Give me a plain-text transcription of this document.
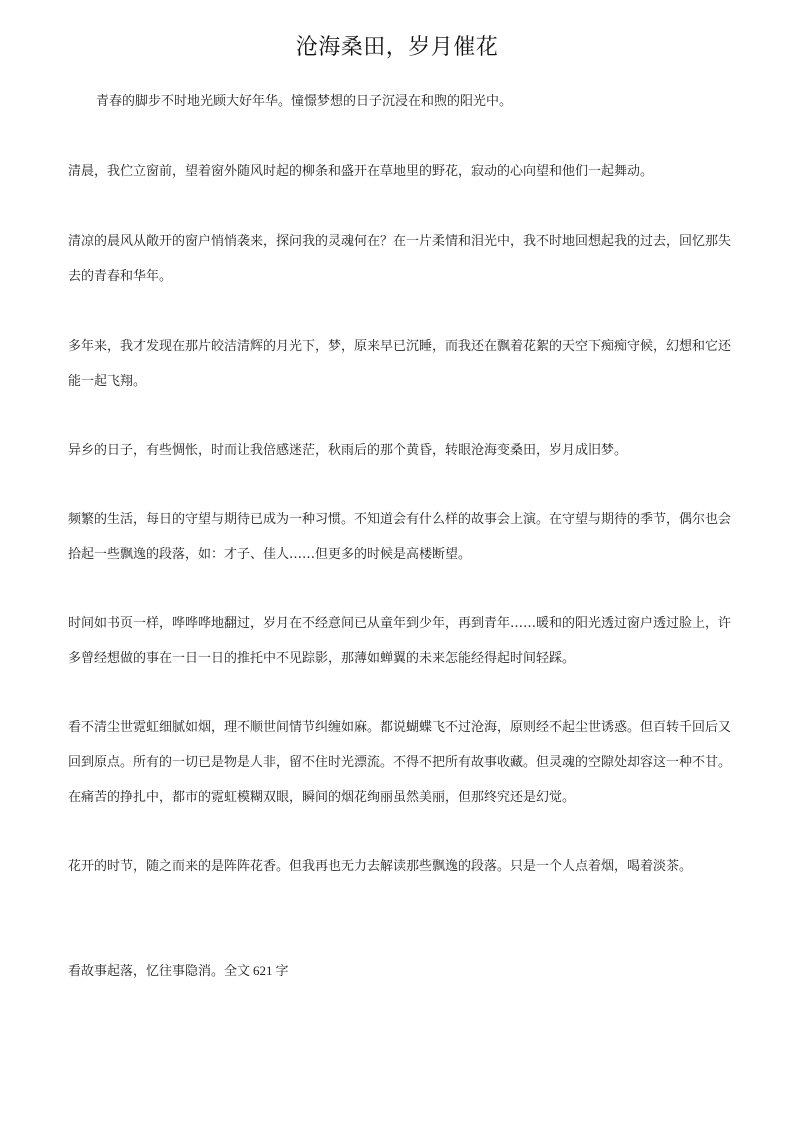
沧海桑田，岁月催花

青春的脚步不时地光顾大好年华。憧憬梦想的日子沉浸在和煦的阳光中。

清晨，我伫立窗前，望着窗外随风时起的柳条和盛开在草地里的野花，寂动的心向望和他们一起舞动。

清凉的晨风从敞开的窗户悄悄袭来，探问我的灵魂何在？在一片柔情和泪光中，我不时地回想起我的过去，回忆那失去的青春和华年。

多年来，我才发现在那片皎洁清辉的月光下，梦，原来早已沉睡，而我还在飘着花絮的天空下痴痴守候，幻想和它还能一起飞翔。

异乡的日子，有些惆怅，时而让我倍感迷茫，秋雨后的那个黄昏，转眼沧海变桑田，岁月成旧梦。

频繁的生活，每日的守望与期待已成为一种习惯。不知道会有什么样的故事会上演。在守望与期待的季节，偶尔也会拾起一些飘逸的段落，如：才子、佳人……但更多的时候是高楼断望。

时间如书页一样，哗哗哗地翻过，岁月在不经意间已从童年到少年，再到青年……暖和的阳光透过窗户透过脸上，许多曾经想做的事在一日一日的推托中不见踪影，那薄如蝉翼的未来怎能经得起时间轻踩。

看不清尘世霓虹细腻如烟，理不顺世间情节纠缠如麻。都说蝴蝶飞不过沧海，原则经不起尘世诱惑。但百转千回后又回到原点。所有的一切已是物是人非，留不住时光漂流。不得不把所有故事收藏。但灵魂的空隙处却容这一种不甘。在痛苦的挣扎中，都市的霓虹模糊双眼，瞬间的烟花绚丽虽然美丽，但那终究还是幻觉。

花开的时节，随之而来的是阵阵花香。但我再也无力去解读那些飘逸的段落。只是一个人点着烟，喝着淡茶。

看故事起落，忆往事隐消。全文 621 字
